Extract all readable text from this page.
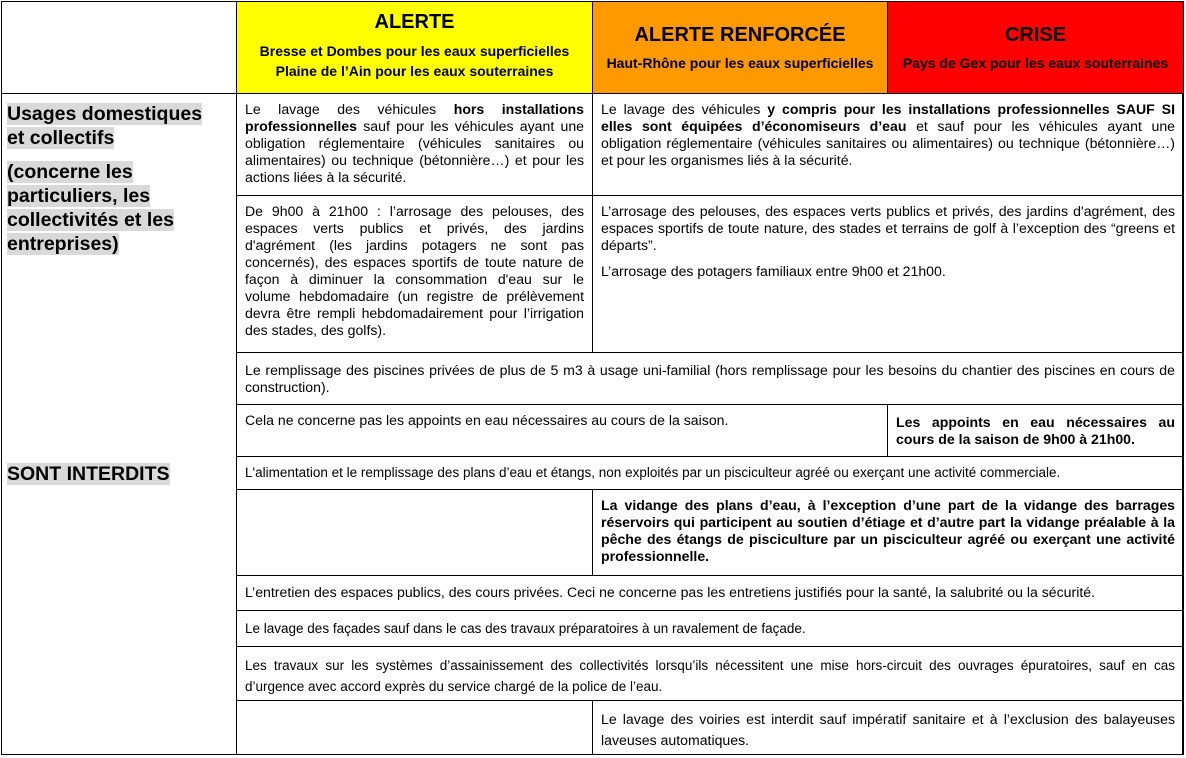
ALERTE
Bresse et Dombes pour les eaux superficielles
Plaine de l’Ain pour les eaux souterraines
ALERTE RENFORCÉE
Haut-Rhône pour les eaux superficielles
CRISE
Pays de Gex pour les eaux souterraines
Usages domestiques
et collectifs
(concerne les
particuliers, les
collectivités et les
entreprises)
SONT INTERDITS
Le lavage des véhicules hors installations professionnelles sauf pour les véhicules ayant une obligation réglementaire (véhicules sanitaires ou alimentaires) ou technique (bétonnière…) et pour les actions liées à la sécurité.
Le lavage des véhicules y compris pour les installations professionnelles SAUF SI elles sont équipées d’économiseurs d’eau et sauf pour les véhicules ayant une obligation réglementaire (véhicules sanitaires ou alimentaires) ou technique (bétonnière…) et pour les organismes liés à la sécurité.

De 9h00 à 21h00 : l’arrosage des pelouses, des espaces verts publics et privés, des jardins d'agrément (les jardins potagers ne sont pas concernés), des espaces sportifs de toute nature de façon à diminuer la consommation d'eau sur le volume hebdomadaire (un registre de prélèvement devra être rempli hebdomadairement pour l’irrigation des stades, des golfs).

L’arrosage des pelouses, des espaces verts publics et privés, des jardins d'agrément, des espaces sportifs de toute nature, des stades et terrains de golf à l’exception des “greens et départs”.

L’arrosage des potagers familiaux entre 9h00 et 21h00.

Le remplissage des piscines privées de plus de 5 m3 à usage uni-familial (hors remplissage pour les besoins du chantier des piscines en cours de construction).

Cela ne concerne pas les appoints en eau nécessaires au cours de la saison.	Les appoints en eau nécessaires au cours de la saison de 9h00 à 21h00.

L'alimentation et le remplissage des plans d’eau et étangs, non exploités par un pisciculteur agréé ou exerçant une activité commerciale.

La vidange des plans d’eau, à l’exception d’une part de la vidange des barrages réservoirs qui participent au soutien d’étiage et d’autre part la vidange préalable à la pêche des étangs de pisciculture par un pisciculteur agréé ou exerçant une activité professionnelle.

L’entretien des espaces publics, des cours privées. Ceci ne concerne pas les entretiens justifiés pour la santé, la salubrité ou la sécurité.

Le lavage des façades sauf dans le cas des travaux préparatoires à un ravalement de façade.

Les travaux sur les systèmes d’assainissement des collectivités lorsqu’ils nécessitent une mise hors-circuit des ouvrages épuratoires, sauf en cas d’urgence avec accord exprès du service chargé de la police de l’eau.

Le lavage des voiries est interdit sauf impératif sanitaire et à l’exclusion des balayeuses laveuses automatiques.
